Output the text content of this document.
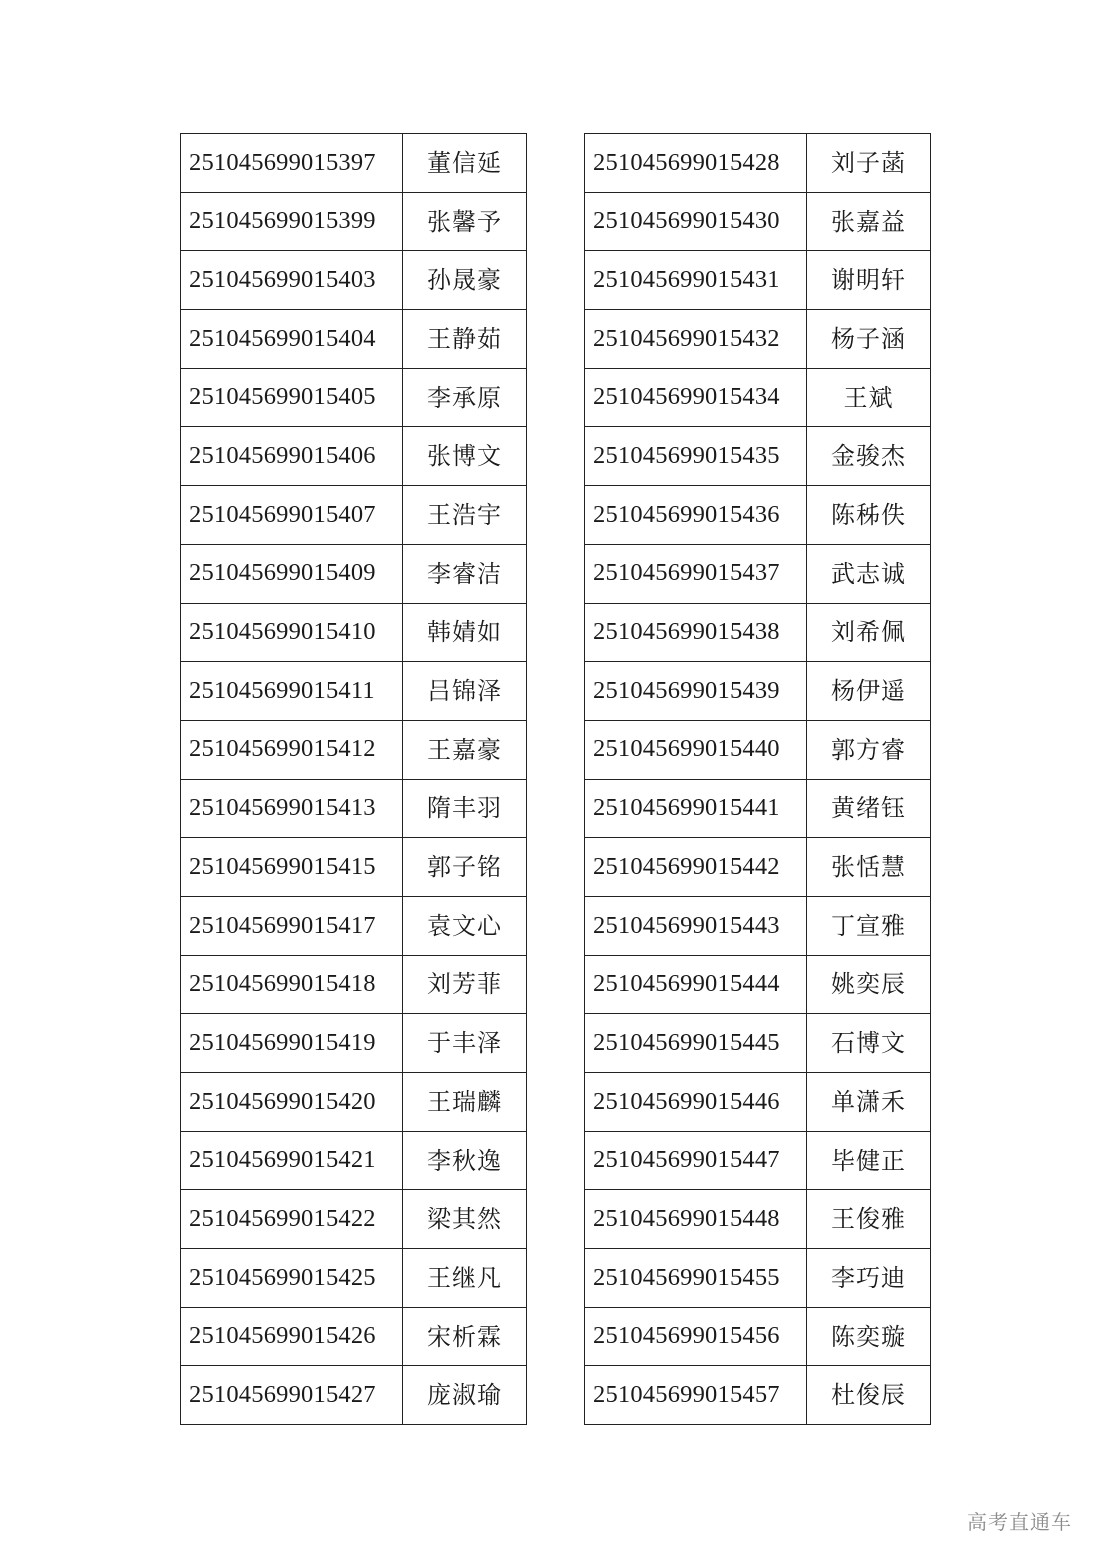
251045699015397	董信延
251045699015399	张馨予
251045699015403	孙晟豪
251045699015404	王静茹
251045699015405	李承原
251045699015406	张博文
251045699015407	王浩宇
251045699015409	李睿洁
251045699015410	韩婧如
251045699015411	吕锦泽
251045699015412	王嘉豪
251045699015413	隋丰羽
251045699015415	郭子铭
251045699015417	袁文心
251045699015418	刘芳菲
251045699015419	于丰泽
251045699015420	王瑞麟
251045699015421	李秋逸
251045699015422	梁其然
251045699015425	王继凡
251045699015426	宋析霖
251045699015427	庞淑瑜
251045699015428	刘子菡
251045699015430	张嘉益
251045699015431	谢明轩
251045699015432	杨子涵
251045699015434	王斌
251045699015435	金骏杰
251045699015436	陈秭佚
251045699015437	武志诚
251045699015438	刘希佩
251045699015439	杨伊遥
251045699015440	郭方睿
251045699015441	黄绪钰
251045699015442	张恬慧
251045699015443	丁宣雅
251045699015444	姚奕辰
251045699015445	石博文
251045699015446	单潇禾
251045699015447	毕健正
251045699015448	王俊雅
251045699015455	李巧迪
251045699015456	陈奕璇
251045699015457	杜俊辰
高考直通车
